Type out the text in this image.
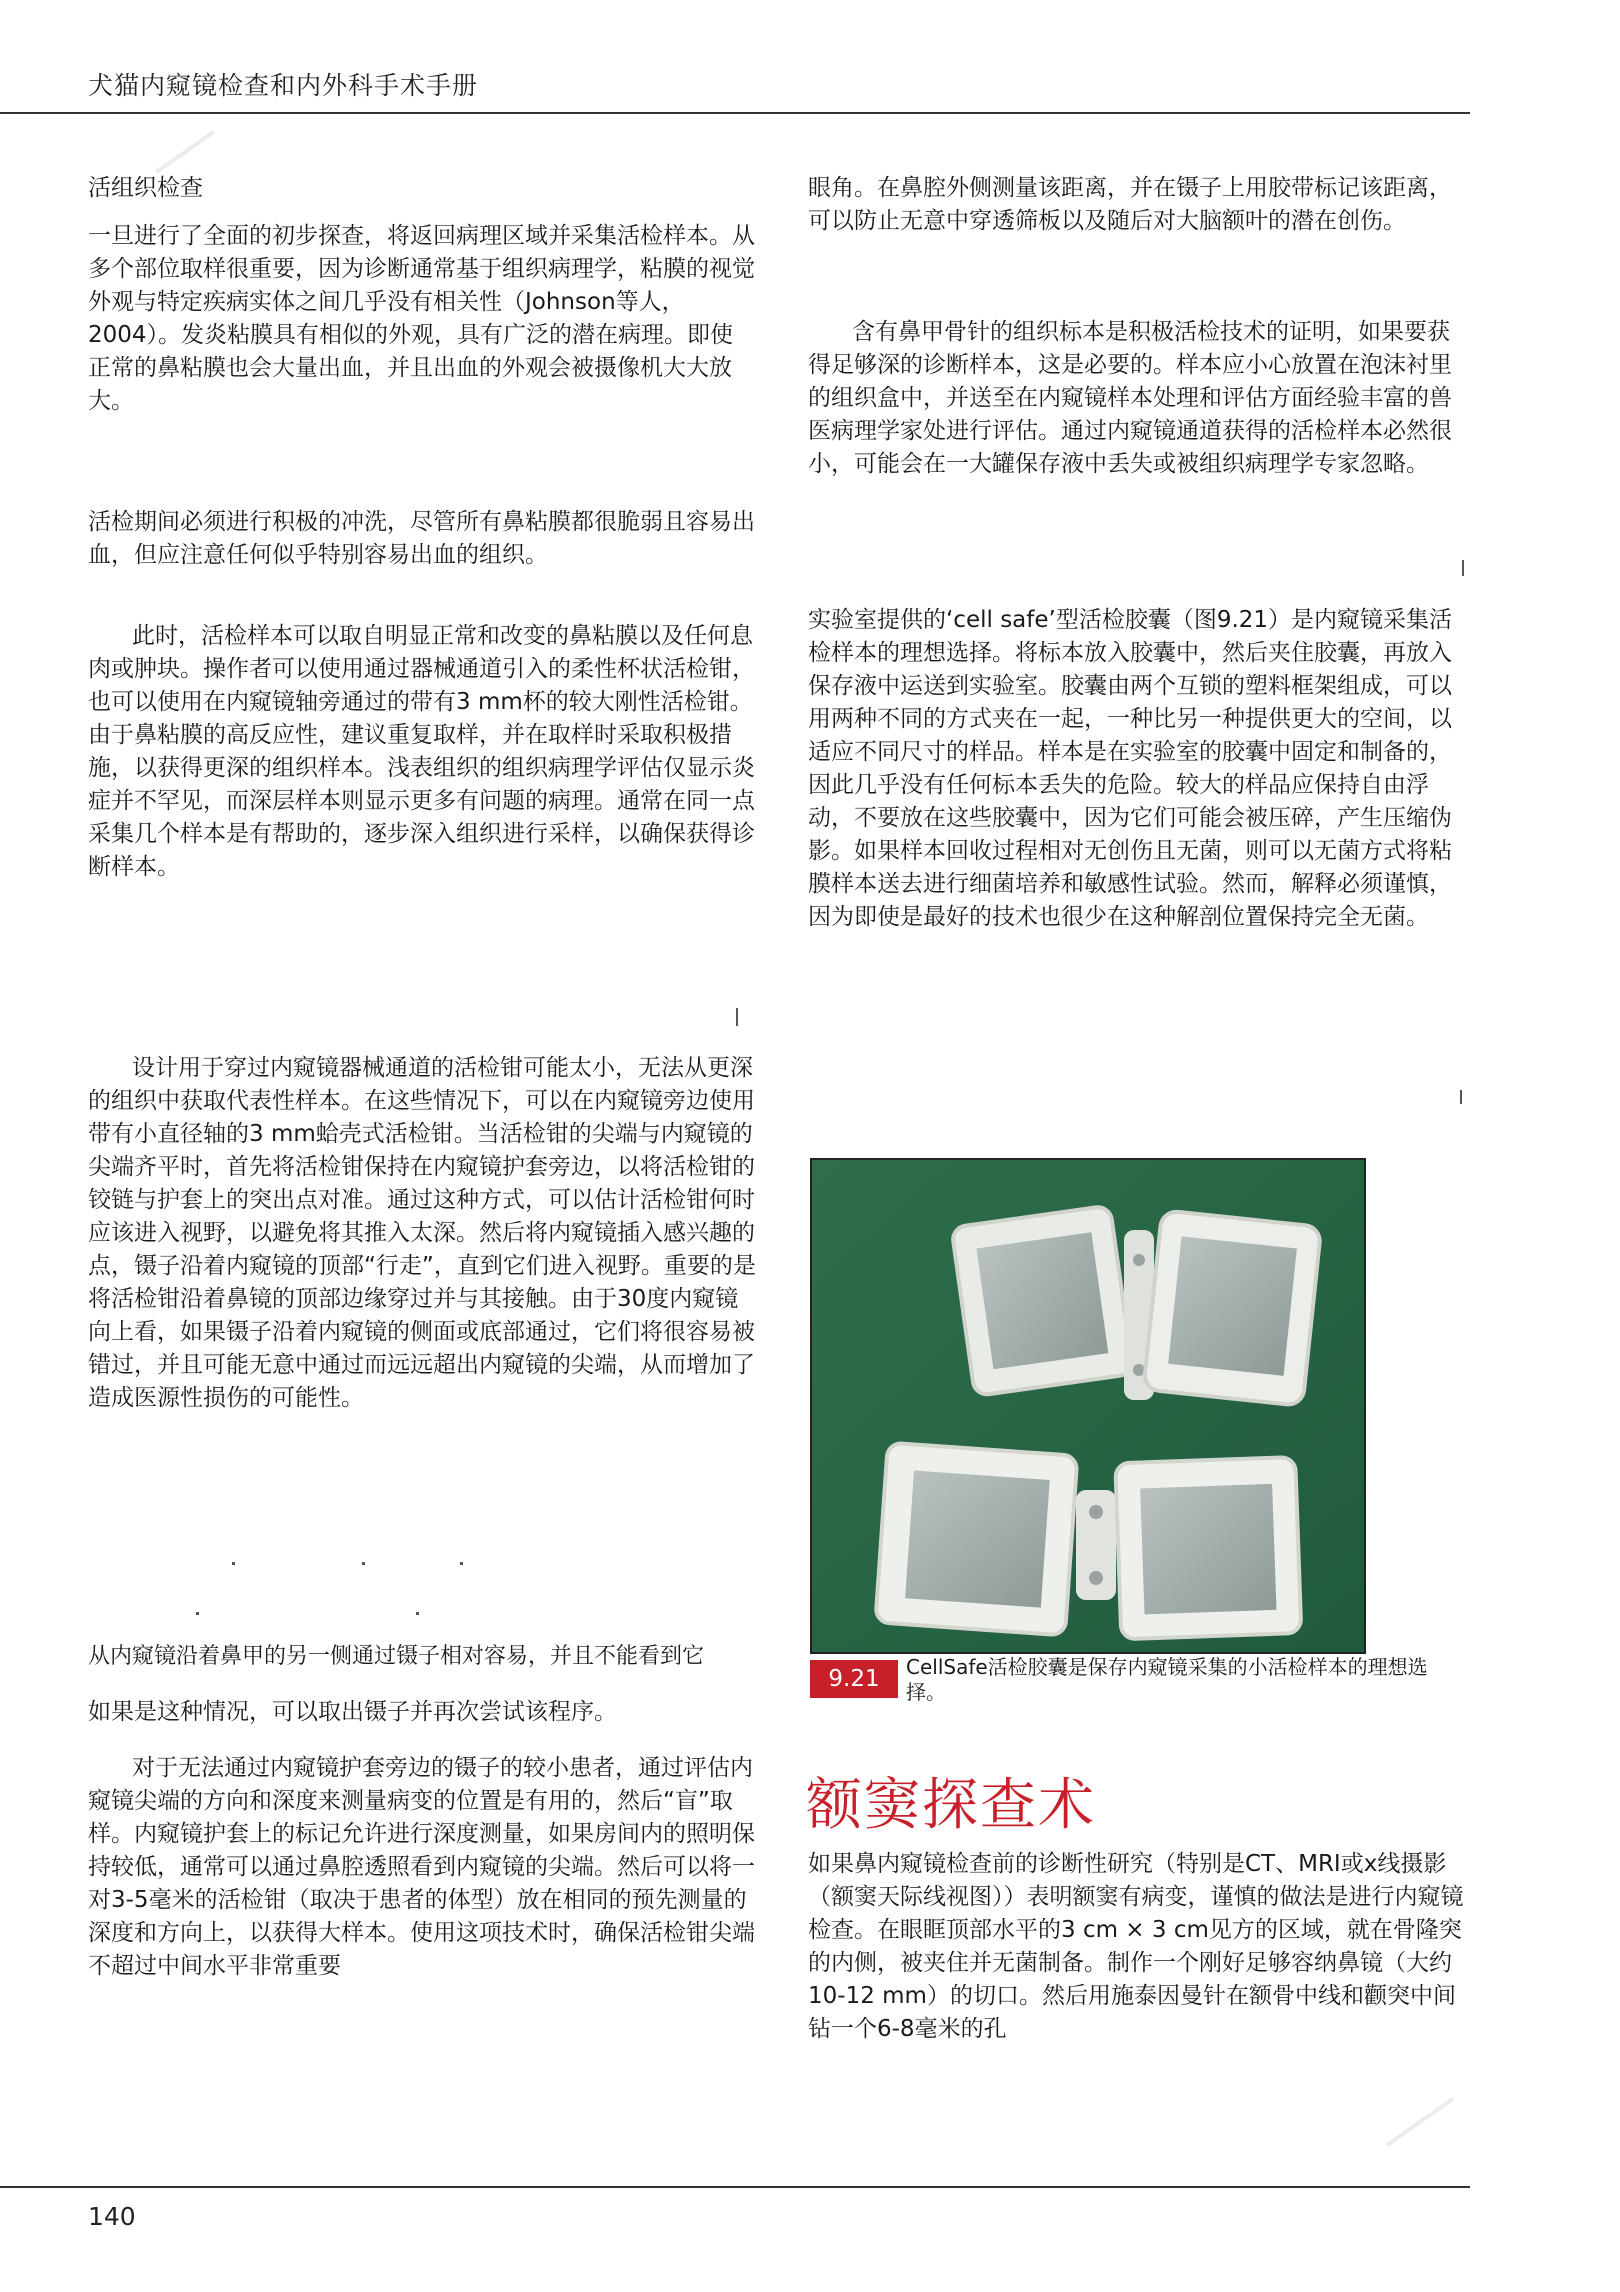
犬猫内窥镜检查和内外科手术手册
活组织检查

一旦进行了全面的初步探查，将返回病理区域并采集活检样本。从多个部位取样很重要，因为诊断通常基于组织病理学，粘膜的视觉外观与特定疾病实体之间几乎没有相关性（Johnson等人，2004）。发炎粘膜具有相似的外观，具有广泛的潜在病理。即使正常的鼻粘膜也会大量出血，并且出血的外观会被摄像机大大放大。

活检期间必须进行积极的冲洗，尽管所有鼻粘膜都很脆弱且容易出血，但应注意任何似乎特别容易出血的组织。

此时，活检样本可以取自明显正常和改变的鼻粘膜以及任何息肉或肿块。操作者可以使用通过器械通道引入的柔性杯状活检钳，也可以使用在内窥镜轴旁通过的带有3 mm杯的较大刚性活检钳。由于鼻粘膜的高反应性，建议重复取样，并在取样时采取积极措施，以获得更深的组织样本。浅表组织的组织病理学评估仅显示炎症并不罕见，而深层样本则显示更多有问题的病理。通常在同一点采集几个样本是有帮助的，逐步深入组织进行采样，以确保获得诊断样本。

设计用于穿过内窥镜器械通道的活检钳可能太小，无法从更深的组织中获取代表性样本。在这些情况下，可以在内窥镜旁边使用带有小直径轴的3 mm蛤壳式活检钳。当活检钳的尖端与内窥镜的尖端齐平时，首先将活检钳保持在内窥镜护套旁边，以将活检钳的铰链与护套上的突出点对准。通过这种方式，可以估计活检钳何时应该进入视野，以避免将其推入太深。然后将内窥镜插入感兴趣的点，镊子沿着内窥镜的顶部“行走”，直到它们进入视野。重要的是将活检钳沿着鼻镜的顶部边缘穿过并与其接触。由于30度内窥镜向上看，如果镊子沿着内窥镜的侧面或底部通过，它们将很容易被错过，并且可能无意中通过而远远超出内窥镜的尖端，从而增加了造成医源性损伤的可能性。

从内窥镜沿着鼻甲的另一侧通过镊子相对容易，并且不能看到它

如果是这种情况，可以取出镊子并再次尝试该程序。

对于无法通过内窥镜护套旁边的镊子的较小患者，通过评估内窥镜尖端的方向和深度来测量病变的位置是有用的，然后“盲”取样。内窥镜护套上的标记允许进行深度测量，如果房间内的照明保持较低，通常可以通过鼻腔透照看到内窥镜的尖端。然后可以将一对3-5毫米的活检钳（取决于患者的体型）放在相同的预先测量的深度和方向上，以获得大样本。使用这项技术时，确保活检钳尖端不超过中间水平非常重要

眼角。在鼻腔外侧测量该距离，并在镊子上用胶带标记该距离，可以防止无意中穿透筛板以及随后对大脑额叶的潜在创伤。

含有鼻甲骨针的组织标本是积极活检技术的证明，如果要获得足够深的诊断样本，这是必要的。样本应小心放置在泡沫衬里的组织盒中，并送至在内窥镜样本处理和评估方面经验丰富的兽医病理学家处进行评估。通过内窥镜通道获得的活检样本必然很小，可能会在一大罐保存液中丢失或被组织病理学专家忽略。

实验室提供的‘cell safe’型活检胶囊（图9.21）是内窥镜采集活检样本的理想选择。将标本放入胶囊中，然后夹住胶囊，再放入保存液中运送到实验室。胶囊由两个互锁的塑料框架组成，可以用两种不同的方式夹在一起，一种比另一种提供更大的空间，以适应不同尺寸的样品。样本是在实验室的胶囊中固定和制备的，因此几乎没有任何标本丢失的危险。较大的样品应保持自由浮动，不要放在这些胶囊中，因为它们可能会被压碎，产生压缩伪影。如果样本回收过程相对无创伤且无菌，则可以无菌方式将粘膜样本送去进行细菌培养和敏感性试验。然而，解释必须谨慎，因为即使是最好的技术也很少在这种解剖位置保持完全无菌。

9.21	CellSafe活检胶囊是保存内窥镜采集的小活检样本的理想选择。
额窦探查术

如果鼻内窥镜检查前的诊断性研究（特别是CT、MRI或x线摄影（额窦天际线视图））表明额窦有病变，谨慎的做法是进行内窥镜检查。在眼眶顶部水平的3 cm × 3 cm见方的区域，就在骨隆突的内侧，被夹住并无菌制备。制作一个刚好足够容纳鼻镜（大约10-12 mm）的切口。然后用施泰因曼针在额骨中线和颧突中间钻一个6-8毫米的孔

140
